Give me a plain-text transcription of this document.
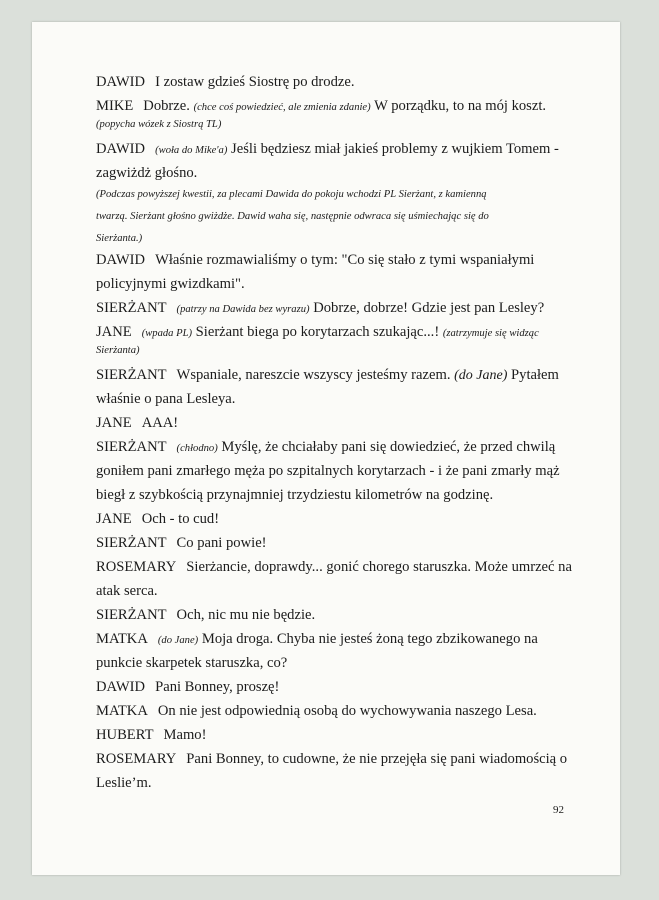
DAWID I zostaw gdzieś Siostrę po drodze.
MIKE Dobrze. (chce coś powiedzieć, ale zmienia zdanie) W porządku, to na mój koszt.
(popycha wózek z Siostrą TL)
DAWID (woła do Mike'a) Jeśli będziesz miał jakieś problemy z wujkiem Tomem -
zagwiżdż głośno.
(Podczas powyższej kwestii, za plecami Dawida do pokoju wchodzi PL Sierżant, z kamienną
twarzą. Sierżant głośno gwiżdże. Dawid waha się, następnie odwraca się uśmiechając się do
Sierżanta.)
DAWID Właśnie rozmawialiśmy o tym: "Co się stało z tymi wspaniałymi
policyjnymi gwizdkami".
SIERŻANT (patrzy na Dawida bez wyrazu) Dobrze, dobrze! Gdzie jest pan Lesley?
JANE (wpada PL) Sierżant biega po korytarzach szukając...! (zatrzymuje się widząc
Sierżanta)
SIERŻANT Wspaniale, nareszcie wszyscy jesteśmy razem. (do Jane) Pytałem
właśnie o pana Lesleya.
JANE AAA!
SIERŻANT (chłodno) Myślę, że chciałaby pani się dowiedzieć, że przed chwilą
goniłem pani zmarłego męża po szpitalnych korytarzach - i że pani zmarły mąż
biegł z szybkością przynajmniej trzydziestu kilometrów na godzinę.
JANE Och - to cud!
SIERŻANT Co pani powie!
ROSEMARY Sierżancie, doprawdy... gonić chorego staruszka. Może umrzeć na
atak serca.
SIERŻANT Och, nic mu nie będzie.
MATKA (do Jane) Moja droga. Chyba nie jesteś żoną tego zbzikowanego na
punkcie skarpetek staruszka, co?
DAWID Pani Bonney, proszę!
MATKA On nie jest odpowiednią osobą do wychowywania naszego Lesa.
HUBERT Mamo!
ROSEMARY Pani Bonney, to cudowne, że nie przejęła się pani wiadomością o
Leslie’m.
92
